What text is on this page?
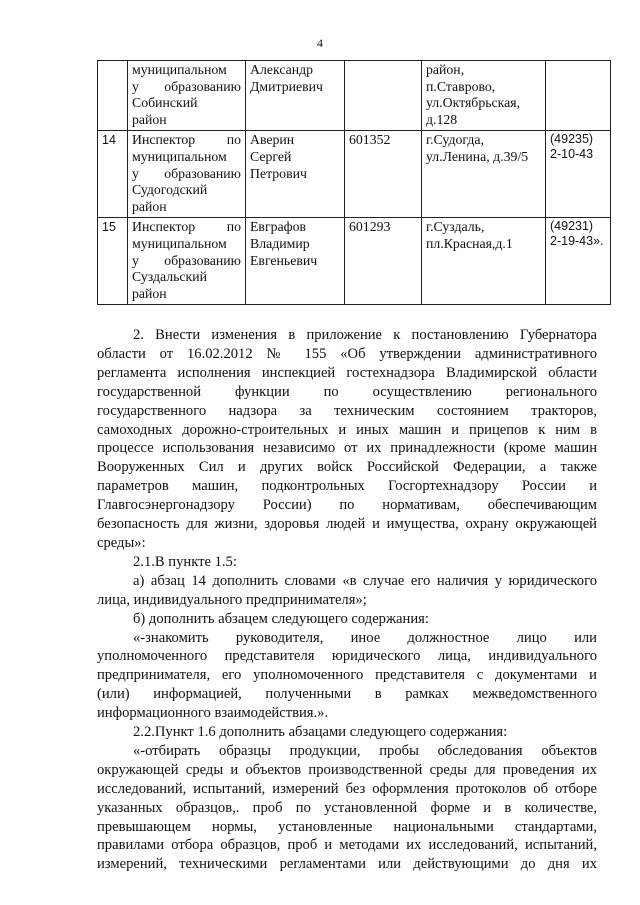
4

	муниципальном
у образованию
Собинский
район	Александр
Дмитриевич		район,
п.Ставрово,
ул.Октябрьская,
д.128	

14	Инспектор по
муниципальном
у образованию
Судогодский
район	Аверин
Сергей
Петрович	601352	г.Судогда,
ул.Ленина, д.39/5	(49235)
2-10-43

15	Инспектор по
муниципальном
у образованию
Суздальский
район	Евграфов
Владимир
Евгеньевич	601293	г.Суздаль,
пл.Красная,д.1	(49231)
2-19-43».
2. Внести изменения в приложение к постановлению Губернатора
области от 16.02.2012 № 155 «Об утверждении административного
регламента исполнения инспекцией гостехнадзора Владимирской области
государственной функции по осуществлению регионального
государственного надзора за техническим состоянием тракторов,
самоходных дорожно-строительных и иных машин и прицепов к ним в
процессе использования независимо от их принадлежности (кроме машин
Вооруженных Сил и других войск Российской Федерации, а также
параметров машин, подконтрольных Госгортехнадзору России и
Главгосэнергонадзору России) по нормативам, обеспечивающим
безопасность для жизни, здоровья людей и имущества, охрану окружающей
среды»:
2.1.В пункте 1.5:
а) абзац 14 дополнить словами «в случае его наличия у юридического
лица, индивидуального предпринимателя»;
б) дополнить абзацем следующего содержания:
«-знакомить руководителя, иное должностное лицо или
уполномоченного представителя юридического лица, индивидуального
предпринимателя, его уполномоченного представителя с документами и
(или) информацией, полученными в рамках межведомственного
информационного взаимодействия.».
2.2.Пункт 1.6 дополнить абзацами следующего содержания:
«-отбирать образцы продукции, пробы обследования объектов
окружающей среды и объектов производственной среды для проведения их
исследований, испытаний, измерений без оформления протоколов об отборе
указанных образцов,. проб по установленной форме и в количестве,
превышающем нормы, установленные национальными стандартами,
правилами отбора образцов, проб и методами их исследований, испытаний,
измерений, техническими регламентами или действующими до дня их
